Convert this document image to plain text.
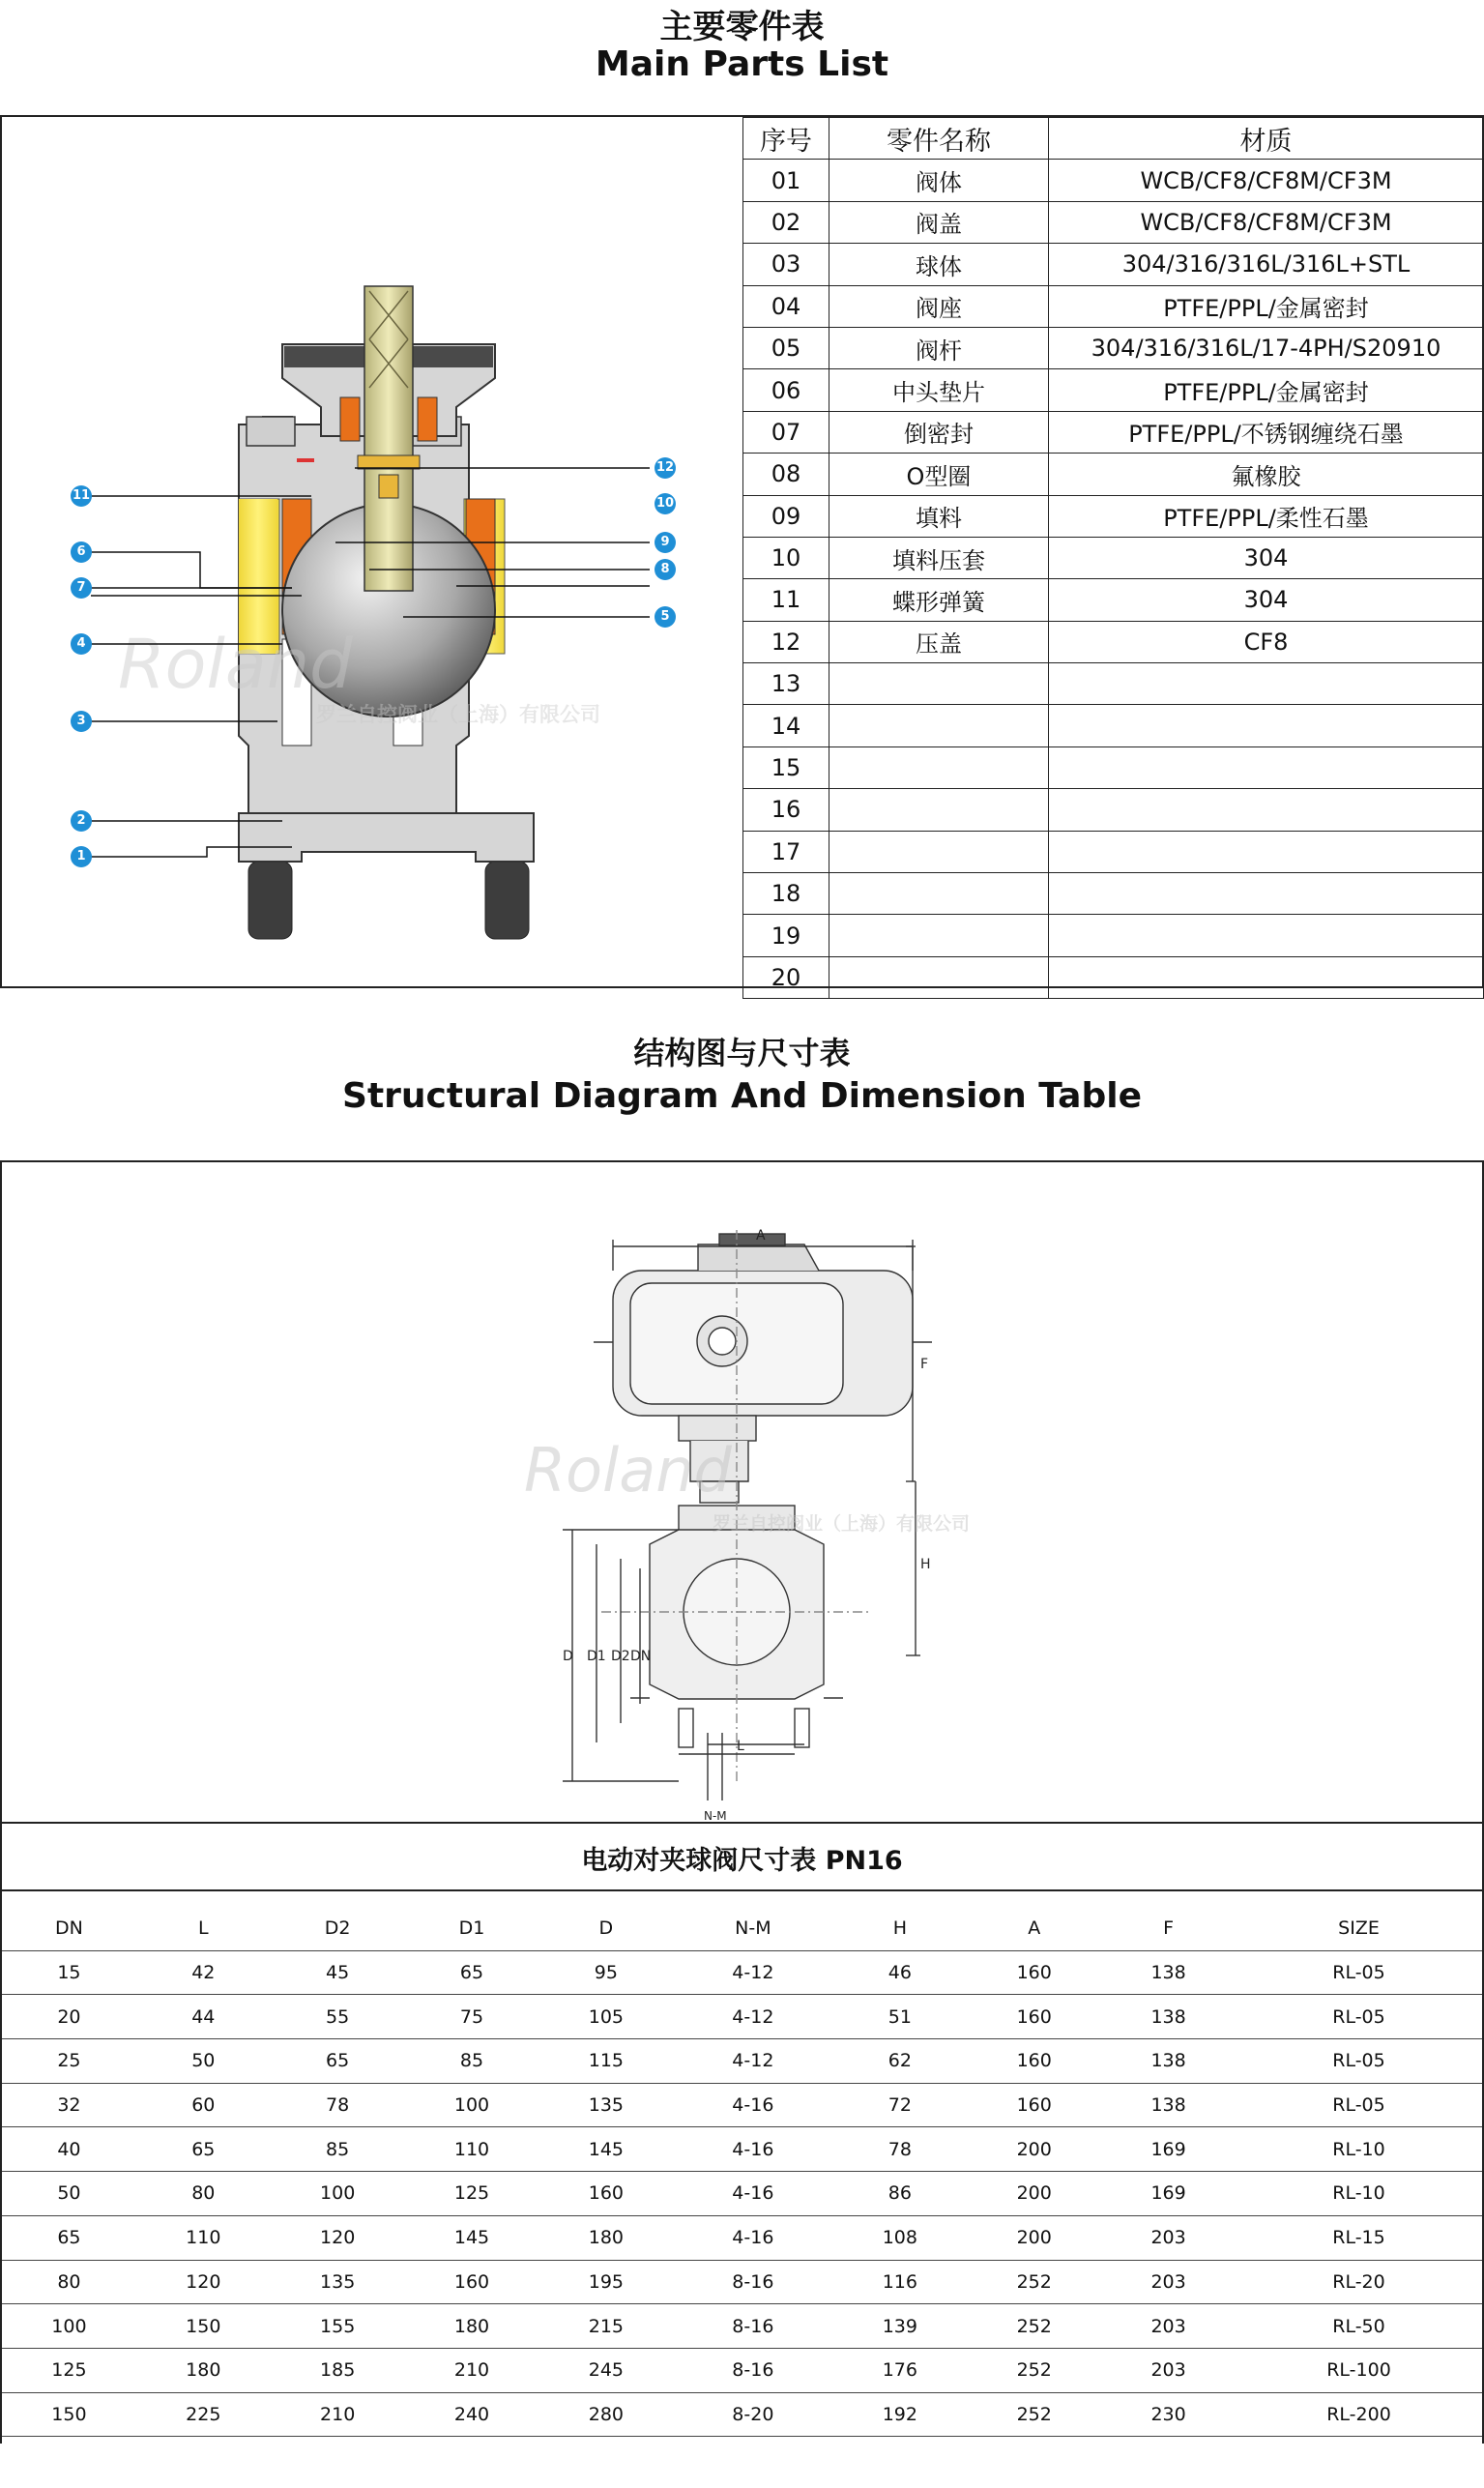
主要零件表
Main Parts List
Roland
罗兰自控阀业（上海）有限公司
1
2
3
4
5
6
7
8
9
10
11
12
序号	零件名称	材质
01	阀体	WCB/CF8/CF8M/CF3M
02	阀盖	WCB/CF8/CF8M/CF3M
03	球体	304/316/316L/316L+STL
04	阀座	PTFE/PPL/金属密封
05	阀杆	304/316/316L/17-4PH/S20910
06	中头垫片	PTFE/PPL/金属密封
07	倒密封	PTFE/PPL/不锈钢缠绕石墨
08	O型圈	氟橡胶
09	填料	PTFE/PPL/柔性石墨
10	填料压套	304
11	蝶形弹簧	304
12	压盖	CF8
13		
14		
15		
16		
17		
18		
19		
20		
结构图与尺寸表
Structural Diagram And Dimension Table
A
F
H
D D1 D2 DN
N-M
L
Roland
罗兰自控阀业（上海）有限公司
电动对夹球阀尺寸表 PN16
DN	L	D2	D1	D	N-M	H	A	F	SIZE
15	42	45	65	95	4-12	46	160	138	RL-05
20	44	55	75	105	4-12	51	160	138	RL-05
25	50	65	85	115	4-12	62	160	138	RL-05
32	60	78	100	135	4-16	72	160	138	RL-05
40	65	85	110	145	4-16	78	200	169	RL-10
50	80	100	125	160	4-16	86	200	169	RL-10
65	110	120	145	180	4-16	108	200	203	RL-15
80	120	135	160	195	8-16	116	252	203	RL-20
100	150	155	180	215	8-16	139	252	203	RL-50
125	180	185	210	245	8-16	176	252	203	RL-100
150	225	210	240	280	8-20	192	252	230	RL-200
